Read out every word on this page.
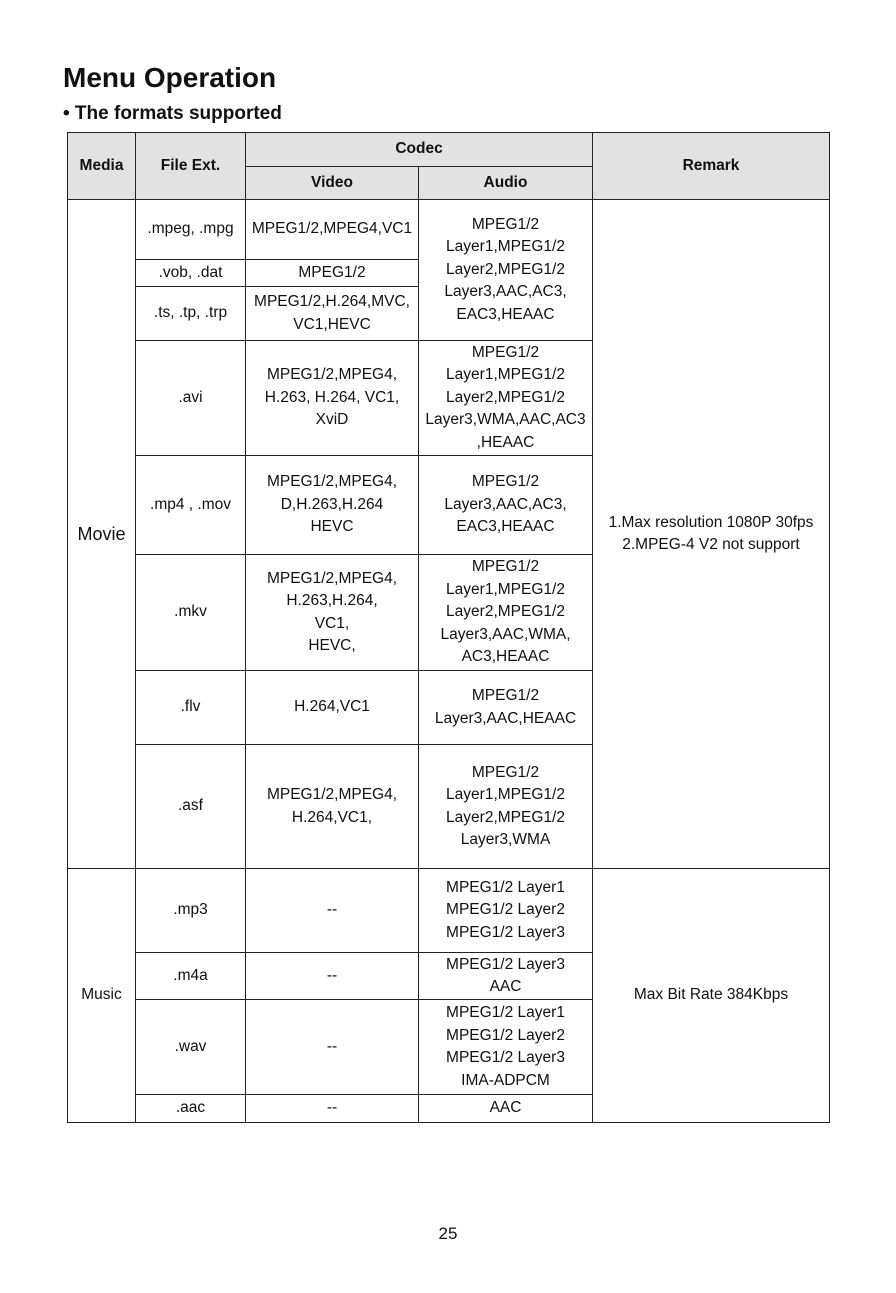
Menu Operation
• The formats supported
Media	File Ext.	Codec		Remark
		Video	Audio	
Movie	.mpeg, .mpg	MPEG1/2,MPEG4,VC1	MPEG1/2
Layer1,MPEG1/2
Layer2,MPEG1/2
Layer3,AAC,AC3,
EAC3,HEAAC	1.Max resolution 1080P 30fps
2.MPEG-4 V2 not support
	.vob, .dat	MPEG1/2		
	.ts, .tp, .trp	MPEG1/2,H.264,MVC,
VC1,HEVC		
	.avi	MPEG1/2,MPEG4,
H.263, H.264, VC1,
XviD	MPEG1/2
Layer1,MPEG1/2
Layer2,MPEG1/2
Layer3,WMA,AAC,AC3
,HEAAC	
	.mp4 , .mov	MPEG1/2,MPEG4,
D,H.263,H.264
HEVC	MPEG1/2
Layer3,AAC,AC3,
EAC3,HEAAC	
	.mkv	MPEG1/2,MPEG4,
H.263,H.264,
VC1,
HEVC,	MPEG1/2
Layer1,MPEG1/2
Layer2,MPEG1/2
Layer3,AAC,WMA,
AC3,HEAAC	
	.flv	H.264,VC1	MPEG1/2
Layer3,AAC,HEAAC	
	.asf	MPEG1/2,MPEG4,
H.264,VC1,	MPEG1/2
Layer1,MPEG1/2
Layer2,MPEG1/2
Layer3,WMA	

Music	.mp3	--	MPEG1/2 Layer1
MPEG1/2 Layer2
MPEG1/2 Layer3	Max Bit Rate 384Kbps
	.m4a	--	MPEG1/2 Layer3
AAC	
	.wav	--	MPEG1/2 Layer1
MPEG1/2 Layer2
MPEG1/2 Layer3
IMA-ADPCM	
	.aac	--	AAC	
25
